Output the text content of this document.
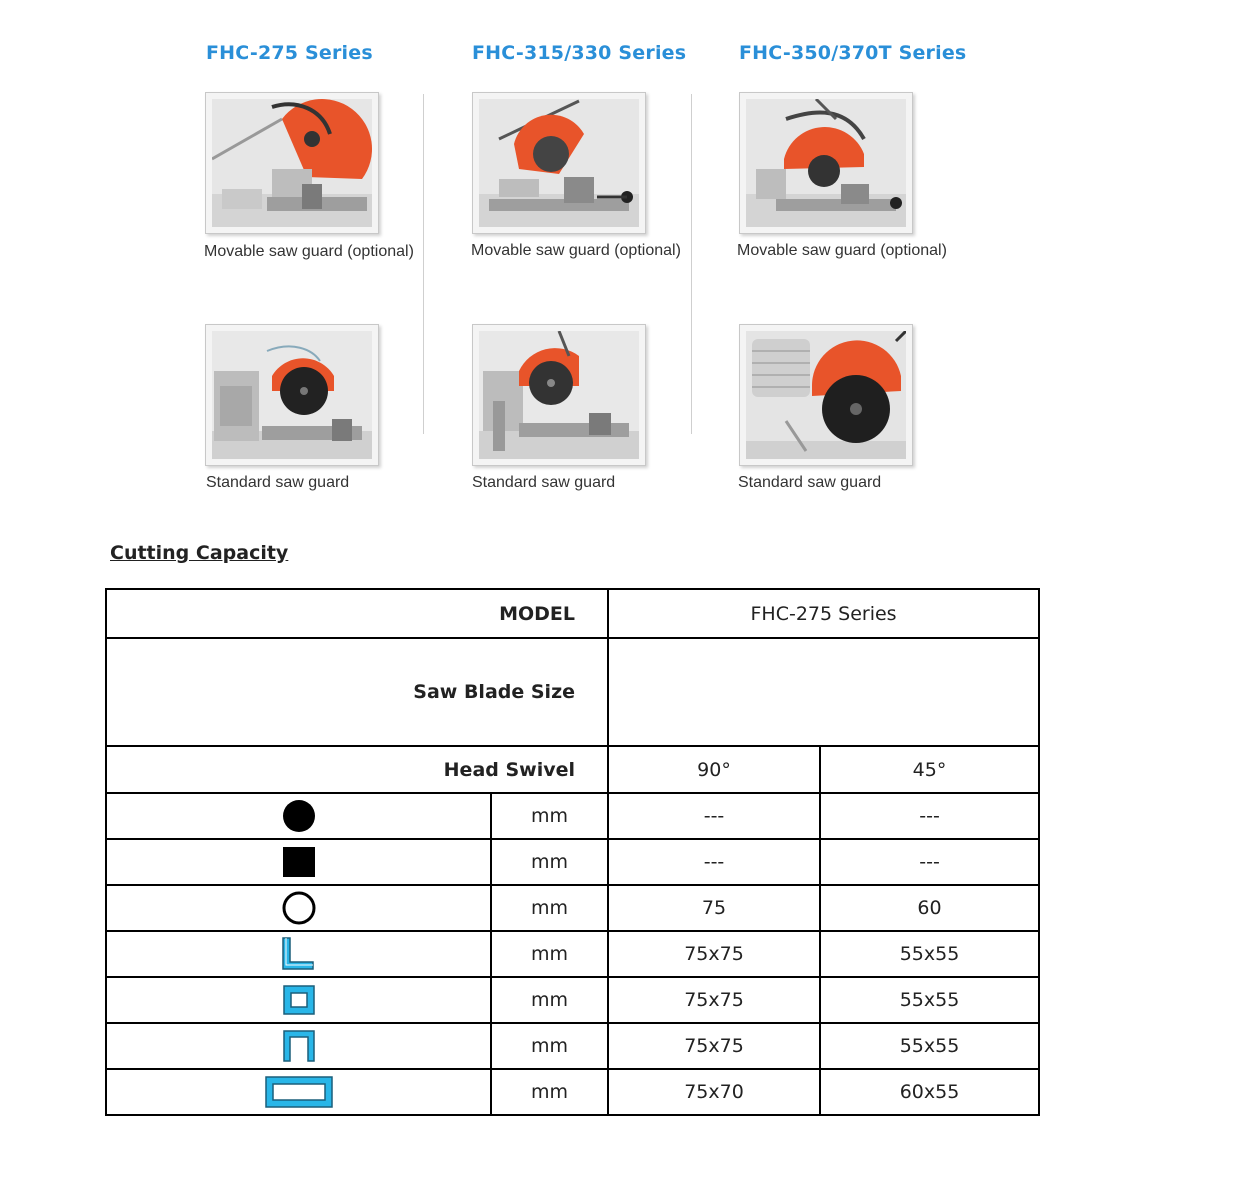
FHC-275 Series	FHC-315/330 Series	FHC-350/370T Series
Movable saw guard (optional)	Movable saw guard (optional)	Movable saw guard (optional)
Standard saw guard	Standard saw guard	Standard saw guard
Cutting Capacity
MODEL		FHC-275 Series	
Saw Blade Size			
Head Swivel		90°	45°

	mm	---	---

	mm	---	---

	mm	75	60

	mm	75x75	55x55

	mm	75x75	55x55

	mm	75x75	55x55

	mm	75x70	60x55
